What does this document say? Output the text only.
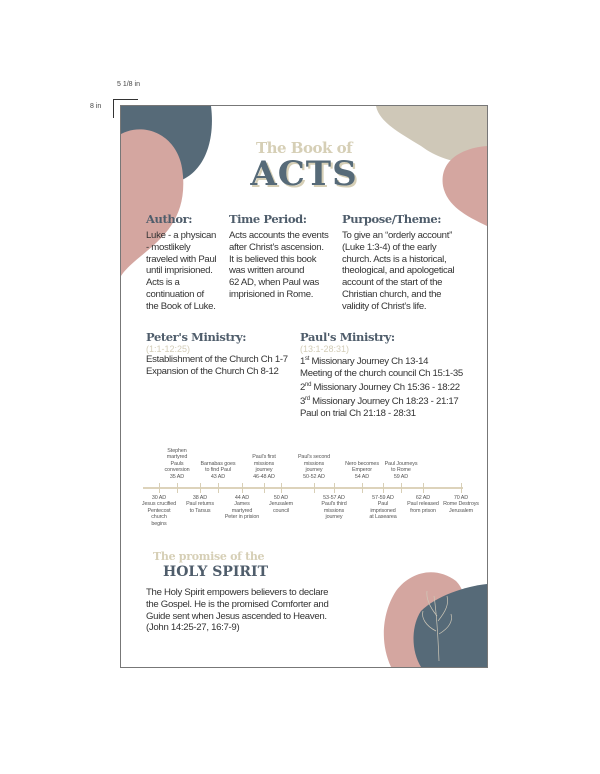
5 1/8 in
8 in
The Book of
ACTS
Author:
Luke - a physican
- mostlikely
traveled with Paul
until imprisioned.
Acts is a
continuation of
the Book of Luke.
Time Period:
Acts accounts the events
after Christ’s ascension.
It is believed this book
was written around
62 AD, when Paul was
imprisioned in Rome.
Purpose/Theme:
To give an “orderly account”
(Luke 1:3-4) of the early
church. Acts is a historical,
theological, and apologetical
account of the start of the
Christian church, and the
validity of Christ’s life.
Peter's Ministry:
(1:1-12:25)
Establishment of the Church Ch 1-7
Expansion of the Church Ch 8-12
Paul's Ministry:
(13:1-28:31)
1st Missionary Journey Ch 13-14
Meeting of the church council Ch 15:1-35
2nd Missionary Journey Ch 15:36 - 18:22
3rd Missionary Journey Ch 18:23 - 21:17
Paul on trial Ch 21:18 - 28:31
Stephen martyred
Pauls conversion
35 AD
Barnabas goes
to find Paul
43 AD
Paul's first
missions journey
46-48 AD
Paul's second
missions journey
50-52 AD
Nero becomes
Emperor
54 AD
Paul Journeys
to Rome
59 AD
30 AD
Jesus crucified
Pentecost church
begins
38 AD
Paul returns
to Tarsus
44 AD
James martyred
Peter in prision
50 AD
Jerusalem
council
53-57 AD
Paul's third
missions journey
57-59 AD
Paul imprisoned
at Lasearea
62 AD
Paul released
from prison
70 AD
Rome Destroys
Jerusalem
The promise of the
HOLY SPIRIT
The Holy Spirit empowers believers to declare
the Gospel. He is the promised Comforter and
Guide sent when Jesus ascended to Heaven.
(John 14:25-27, 16:7-9)
